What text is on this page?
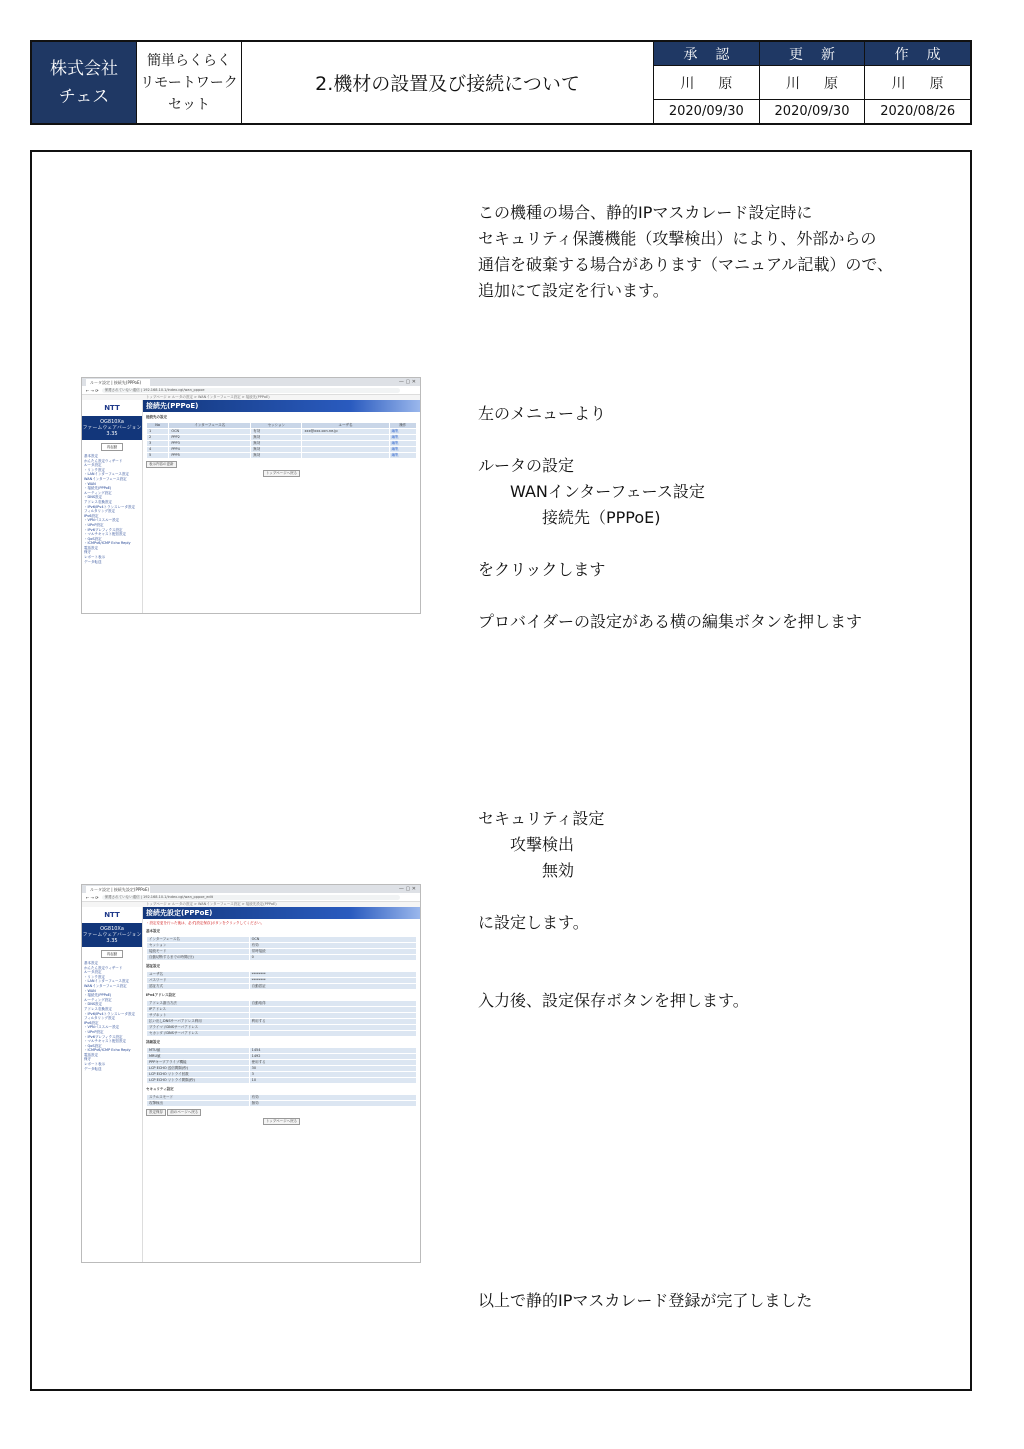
株式会社
チェス
簡単らくらく
リモートワーク
セット
2.機材の設置及び接続について
承認
川原
2020/09/30
更新
川原
2020/09/30
作成
川原
2020/08/26
この機種の場合、静的IPマスカレード設定時に
セキュリティ保護機能（攻撃検出）により、外部からの
通信を破棄する場合があります（マニュアル記載）ので、
追加にて設定を行います。
左のメニューより

ルータの設定
　　WANインターフェース設定
　　　　接続先（PPPoE)

をクリックします

プロバイダーの設定がある横の編集ボタンを押します
セキュリティ設定
　　攻撃検出
　　　　無効

に設定します。

入力後、設定保存ボタンを押します。
以上で静的IPマスカレード登録が完了しました
ルータ設定 | 接続先(PPPoE)	— ▢ ✕
← → ⟳	保護されていない通信 | 192.168.10.1/index.cgi/wan_pppoe
トップページ > ルータの設定 > WANインターフェース設定 > 接続先(PPPoE)
NTT
OG810Xa
ファームウェアバージョン 3.35
再起動
基本設定
かんたん設定ウィザード
ルータ設定
・リンク設定
・LANインターフェース設定
WANインターフェース設定
・WAN
・接続先(PPPoE)
ルーティング設定
・DNS設定
アドレス変換設定
・IPv6/IPv4トランスレータ設定
フィルタリング設定
IPv6設定
・VPNパススルー設定
・UPnP設定
・IPv6プレフィクス設定
・マルチキャスト配信設定
・QoS設定
・ICMPv6/ICMP Echo Reply
電話設定
保守
レポート表示
データ転送
接続先(PPPoE)
接続先の設定
No	インターフェース名	セッション	ユーザ名	操作
1	OCN	有効	xxx@xxx.ocn.ne.jp	編集
2	PPP2	無効		編集
3	PPP3	無効		編集
4	PPP4	無効		編集
5	PPP5	無効		編集
表示内容の更新
トップページへ戻る
ルータ設定 | 接続先設定(PPPoE)	— ▢ ✕
← → ⟳	保護されていない通信 | 192.168.10.1/index.cgi/wan_pppoe_edit
トップページ > ルータの設定 > WANインターフェース設定 > 接続先設定(PPPoE)
NTT
OG810Xa
ファームウェアバージョン 3.35
再起動
基本設定
かんたん設定ウィザード
ルータ設定
・リンク設定
・LANインターフェース設定
WANインターフェース設定
・WAN
・接続先(PPPoE)
ルーティング設定
・DNS設定
アドレス変換設定
・IPv6/IPv4トランスレータ設定
フィルタリング設定
IPv6設定
・VPNパススルー設定
・UPnP設定
・IPv6プレフィクス設定
・マルチキャスト配信設定
・QoS設定
・ICMPv6/ICMP Echo Reply
電話設定
保守
レポート表示
データ転送
接続先設定(PPPoE)
・設定変更を行った後は、必ず[設定保存]ボタンをクリックしてください。
基本設定
インターフェース名	OCN
セッション	有効
接続モード	常時接続
自動切断するまでの時間(分)	0
認証設定
ユーザ名	********
パスワード	********
認証方式	自動認証
IPv4アドレス設定
アドレス割当方法	自動取得
IPアドレス	
サブネット	
払い出しDNSサーバアドレス利用	利用する
プライマリDNSサーバアドレス	
セカンダリDNSサーバアドレス	
詳細設定
MTU値	1454
MRU値	1492
PPPキープアライブ機能	使用する
LCP ECHO 送信間隔(秒)	30
LCP ECHO リトライ回数	3
LCP ECHO リトライ間隔(秒)	10
セキュリティ設定
ステルスモード	有効
攻撃検出	無効
設定保存 前のページへ戻る
トップページへ戻る
